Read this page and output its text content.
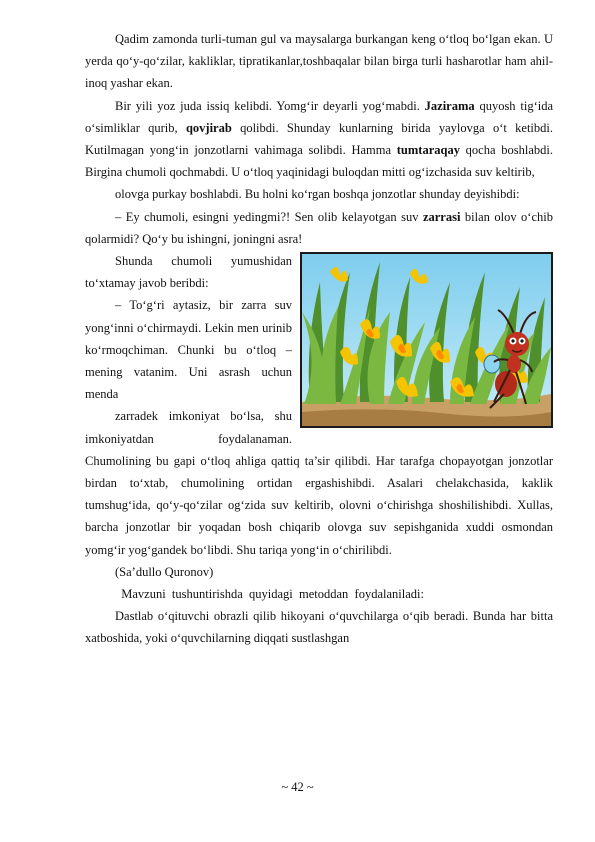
Qadim zamonda turli-tuman gul va maysalarga burkangan keng o‘tloq bo‘lgan ekan. U yerda qo‘y-qo‘zilar, kakliklar, tipratikanlar,toshbaqalar bilan birga turli hasharotlar ham ahil-inoq yashar ekan.

Bir yili yoz juda issiq kelibdi. Yomg‘ir deyarli yog‘mabdi. Jazirama quyosh tig‘ida o‘simliklar qurib, qovjirab qolibdi. Shunday kunlarning birida yaylovga o‘t ketibdi. Kutilmagan yong‘in jonzotlarni vahimaga solibdi. Hamma tumtaraqay qocha boshlabdi. Birgina chumoli qochmabdi. U o‘tloq yaqinidagi buloqdan mitti og‘izchasida suv keltirib,

olovga purkay boshlabdi. Bu holni ko‘rgan boshqa jonzotlar shunday deyishibdi:

– Ey chumoli, esingni yedingmi?! Sen olib kelayotgan suv zarrasi bilan olov o‘chib qolarmidi? Qo‘y bu ishingni, joningni asra!

Shunda chumoli yumushidan to‘xtamay javob beribdi:

– To‘g‘ri aytasiz, bir zarra suv yong‘inni o‘chirmaydi. Lekin men urinib ko‘rmoqchiman. Chunki bu o‘tloq – mening vatanim. Uni asrash uchun menda

zarradek imkoniyat bo‘lsa, shu imkoniyatdan foydalanaman. Chumolining bu gapi o‘tloq ahliga qattiq ta’sir qilibdi. Har tarafga chopayotgan jonzotlar birdan to‘xtab, chumolining ortidan ergashishibdi. Asalari chelakchasida, kaklik tumshug‘ida, qo‘y-qo‘zilar og‘zida suv keltirib, olovni o‘chirishga shoshilishibdi. Xullas, barcha jonzotlar bir yoqadan bosh chiqarib olovga suv sepishganida xuddi osmondan yomg‘ir yog‘gandek bo‘libdi. Shu tariqa yong‘in o‘chirilibdi.

(Sa’dullo Quronov)

Mavzuni  tushuntirishda  quyidagi  metoddan  foydalaniladi:

Dastlab o‘qituvchi obrazli qilib hikoyani o‘quvchilarga o‘qib beradi. Bunda har bitta xatboshida, yoki o‘quvchilarning diqqati sustlashgan

~ 42 ~
